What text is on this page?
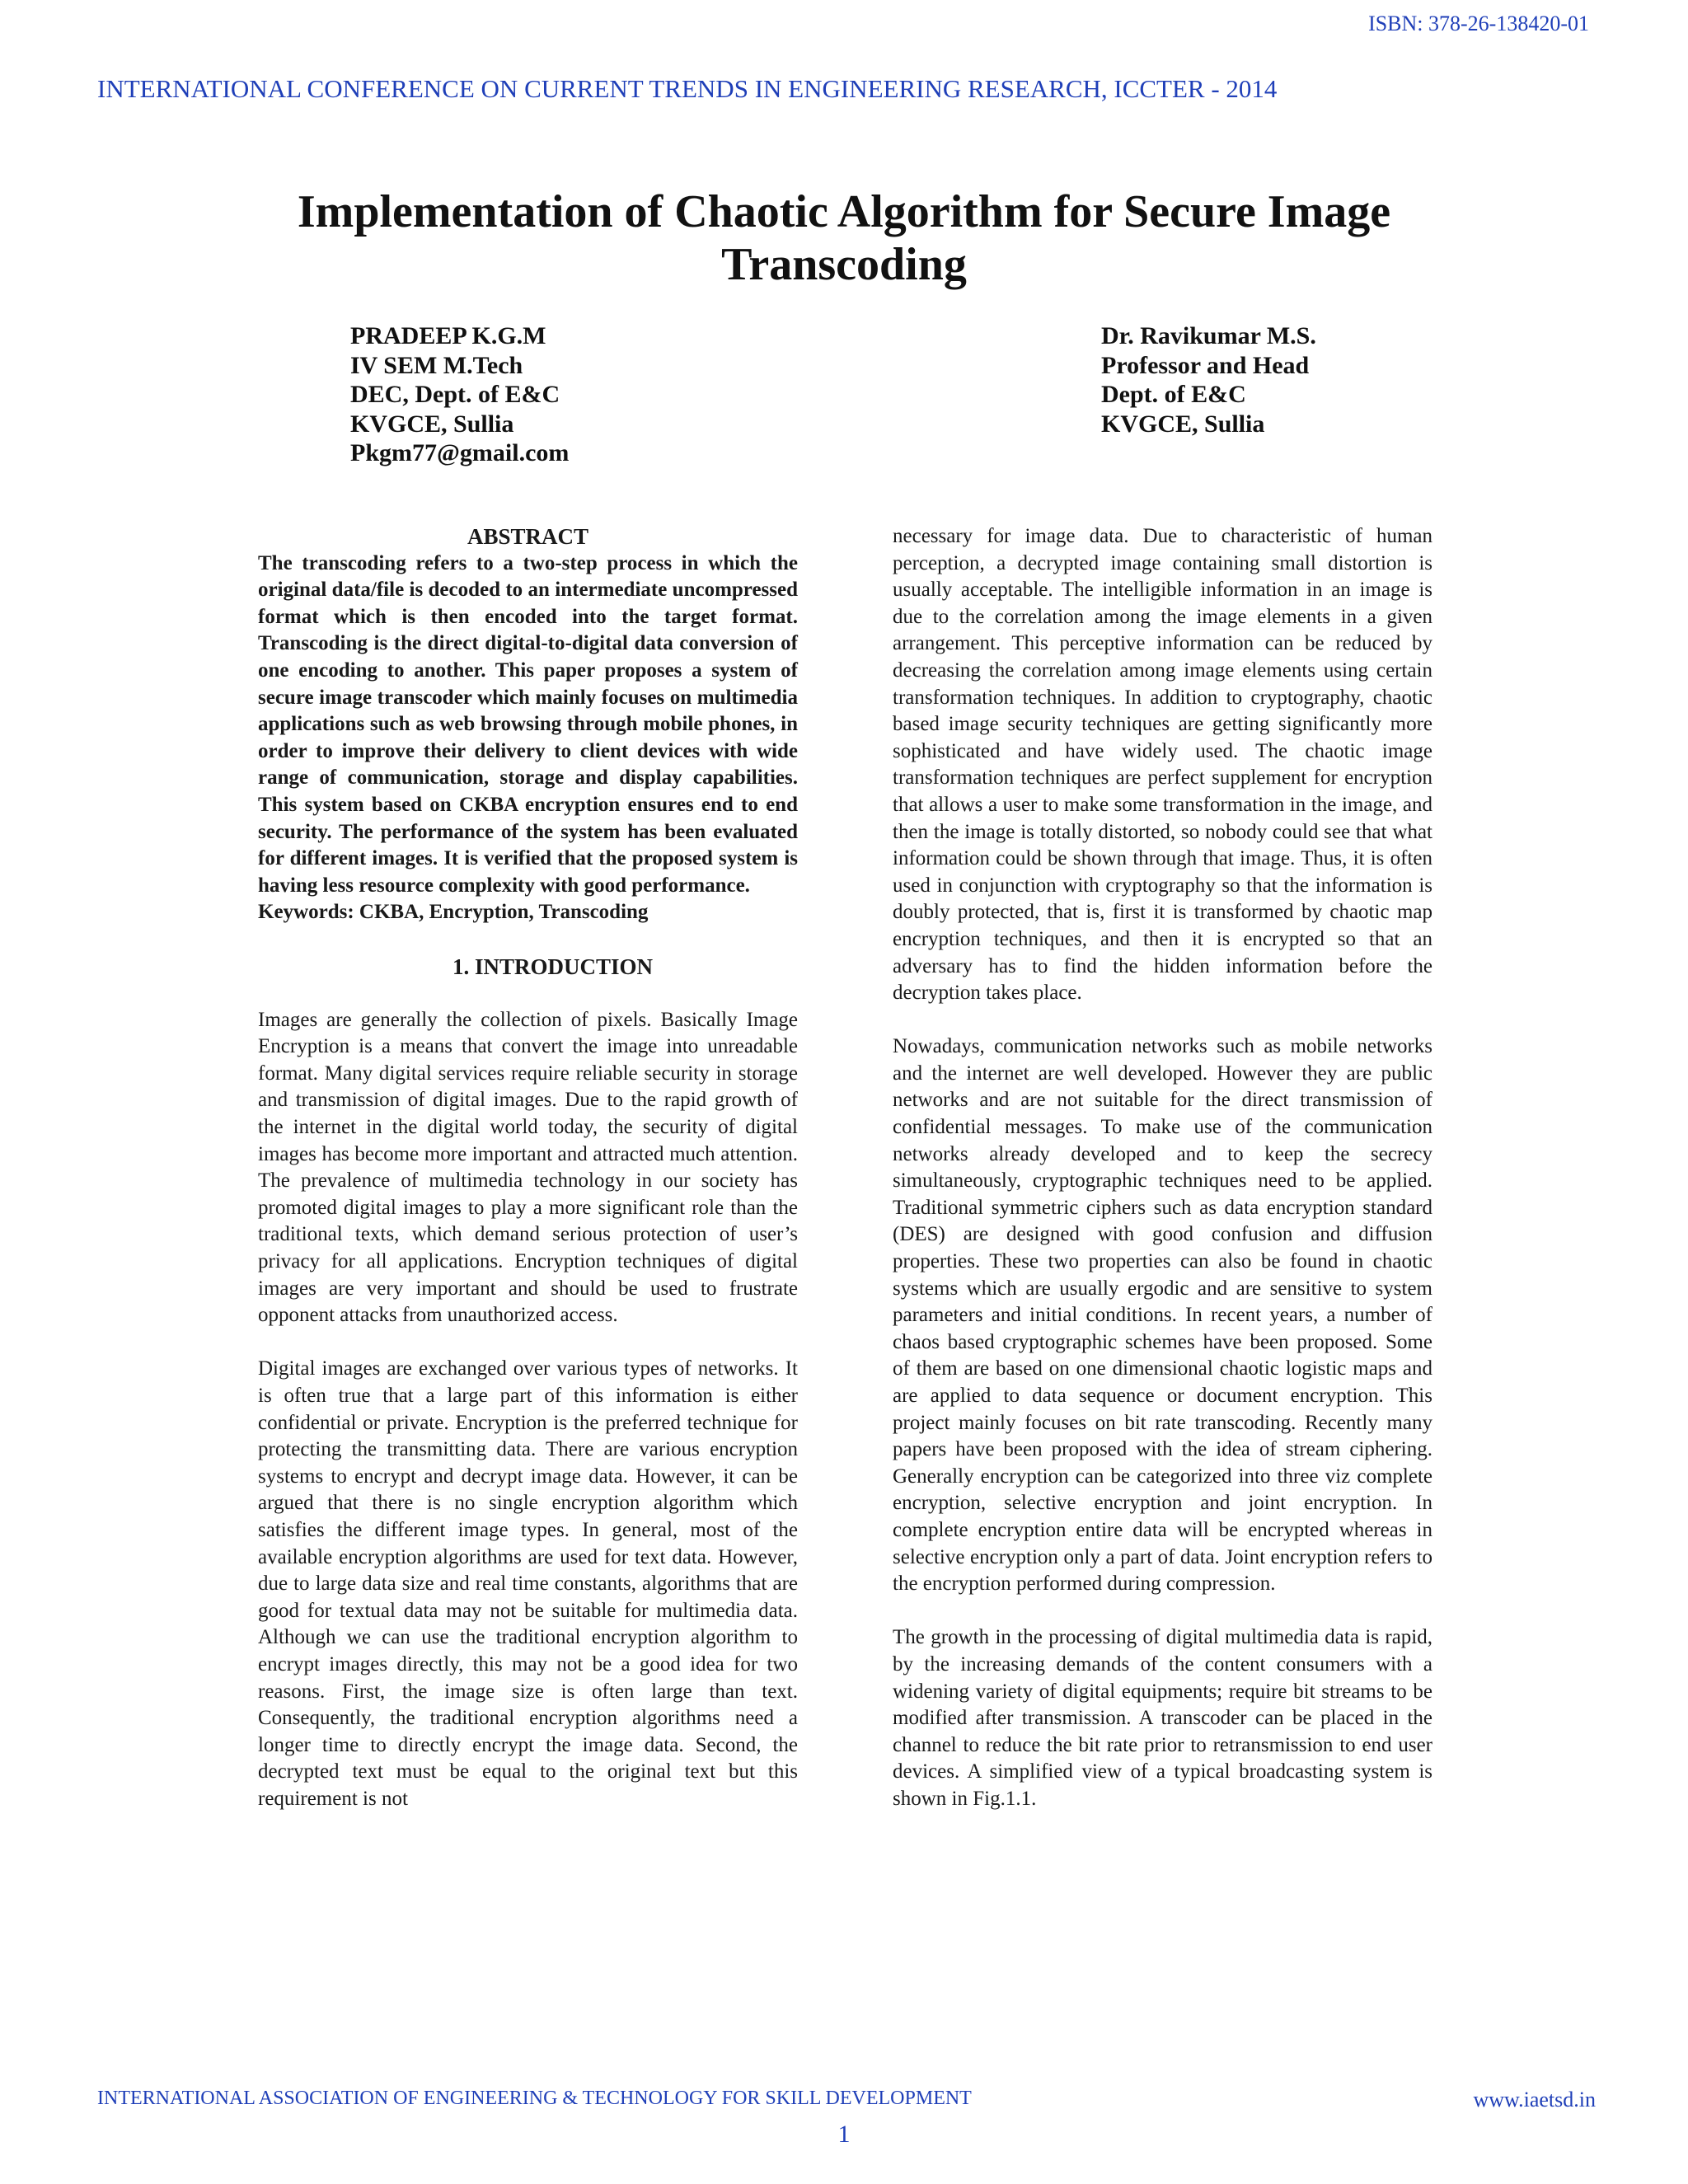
ISBN: 378-26-138420-01
INTERNATIONAL CONFERENCE ON CURRENT TRENDS IN ENGINEERING RESEARCH, ICCTER - 2014
Implementation of Chaotic Algorithm for Secure Image
Transcoding
PRADEEP K.G.M
IV SEM M.Tech
DEC, Dept. of E&C
KVGCE, Sullia
Pkgm77@gmail.com
Dr. Ravikumar M.S.
Professor and Head
Dept. of E&C
KVGCE, Sullia

ABSTRACT

The transcoding refers to a two-step process in which the original data/file is decoded to an intermediate uncompressed format which is then encoded into the target format. Transcoding is the direct digital-to-digital data conversion of one encoding to another. This paper proposes a system of secure image transcoder which mainly focuses on multimedia applications such as web browsing through mobile phones, in order to improve their delivery to client devices with wide range of communication, storage and display capabilities. This system based on CKBA encryption ensures end to end security. The performance of the system has been evaluated for different images. It is verified that the proposed system is having less resource complexity with good performance.

Keywords: CKBA, Encryption, Transcoding

1. INTRODUCTION

Images are generally the collection of pixels. Basically Image Encryption is a means that convert the image into unreadable format. Many digital services require reliable security in storage and transmission of digital images. Due to the rapid growth of the internet in the digital world today, the security of digital images has become more important and attracted much attention. The prevalence of multimedia technology in our society has promoted digital images to play a more significant role than the traditional texts, which demand serious protection of user’s privacy for all applications. Encryption techniques of digital images are very important and should be used to frustrate opponent attacks from unauthorized access.

Digital images are exchanged over various types of networks. It is often true that a large part of this information is either confidential or private. Encryption is the preferred technique for protecting the transmitting data. There are various encryption systems to encrypt and decrypt image data. However, it can be argued that there is no single encryption algorithm which satisfies the different image types. In general, most of the available encryption algorithms are used for text data. However, due to large data size and real time constants, algorithms that are good for textual data may not be suitable for multimedia data. Although we can use the traditional encryption algorithm to encrypt images directly, this may not be a good idea for two reasons. First, the image size is often large than text. Consequently, the traditional encryption algorithms need a longer time to directly encrypt the image data. Second, the decrypted text must be equal to the original text but this requirement is not

necessary for image data. Due to characteristic of human perception, a decrypted image containing small distortion is usually acceptable. The intelligible information in an image is due to the correlation among the image elements in a given arrangement. This perceptive information can be reduced by decreasing the correlation among image elements using certain transformation techniques. In addition to cryptography, chaotic based image security techniques are getting significantly more sophisticated and have widely used. The chaotic image transformation techniques are perfect supplement for encryption that allows a user to make some transformation in the image, and then the image is totally distorted, so nobody could see that what information could be shown through that image. Thus, it is often used in conjunction with cryptography so that the information is doubly protected, that is, first it is transformed by chaotic map encryption techniques, and then it is encrypted so that an adversary has to find the hidden information before the decryption takes place.

Nowadays, communication networks such as mobile networks and the internet are well developed. However they are public networks and are not suitable for the direct transmission of confidential messages. To make use of the communication networks already developed and to keep the secrecy simultaneously, cryptographic techniques need to be applied. Traditional symmetric ciphers such as data encryption standard (DES) are designed with good confusion and diffusion properties. These two properties can also be found in chaotic systems which are usually ergodic and are sensitive to system parameters and initial conditions. In recent years, a number of chaos based cryptographic schemes have been proposed. Some of them are based on one dimensional chaotic logistic maps and are applied to data sequence or document encryption. This project mainly focuses on bit rate transcoding. Recently many papers have been proposed with the idea of stream ciphering. Generally encryption can be categorized into three viz complete encryption, selective encryption and joint encryption. In complete encryption entire data will be encrypted whereas in selective encryption only a part of data. Joint encryption refers to the encryption performed during compression.

The growth in the processing of digital multimedia data is rapid, by the increasing demands of the content consumers with a widening variety of digital equipments; require bit streams to be modified after transmission. A transcoder can be placed in the channel to reduce the bit rate prior to retransmission to end user devices. A simplified view of a typical broadcasting system is shown in Fig.1.1.

INTERNATIONAL ASSOCIATION OF ENGINEERING & TECHNOLOGY FOR SKILL DEVELOPMENT	www.iaetsd.in
1
